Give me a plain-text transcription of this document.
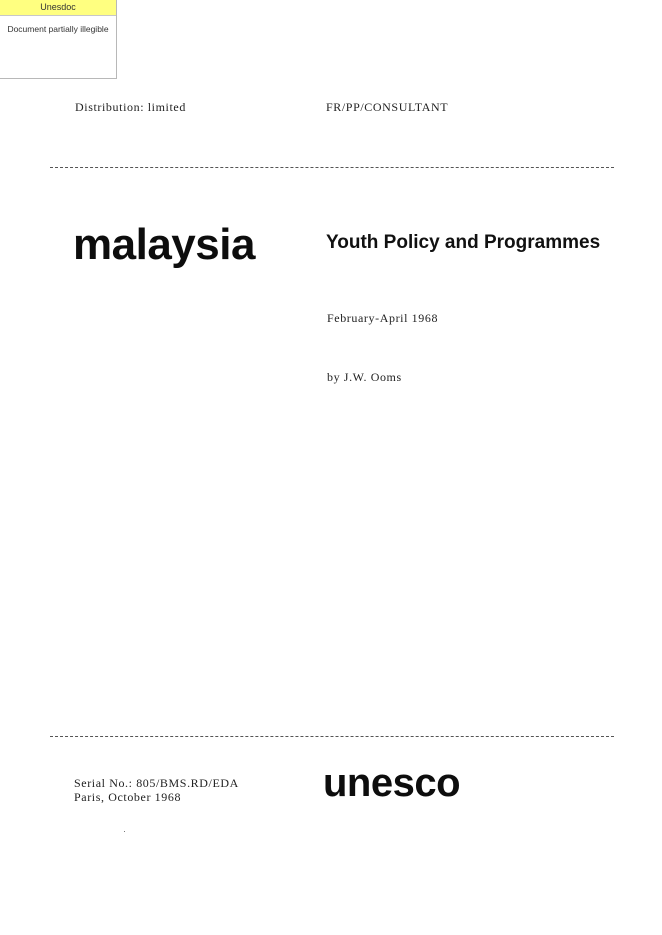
Unesdoc
Document partially illegible
Distribution: limited	FR/PP/CONSULTANT
malaysia	Youth Policy and Programmes
February-April 1968
by J.W. Ooms
Serial No.: 805/BMS.RD/EDA
Paris, October 1968	unesco
